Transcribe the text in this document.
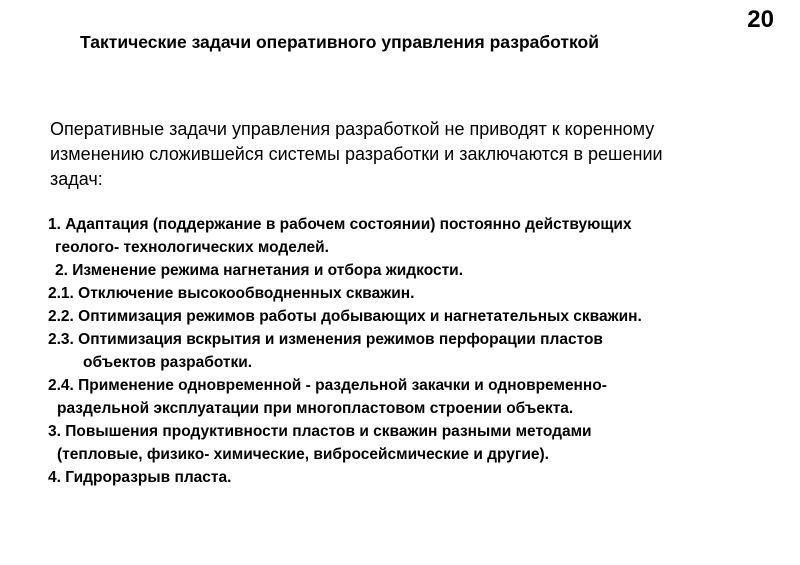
20
Тактические задачи оперативного управления разработкой

Оперативные задачи управления разработкой не приводят к коренному

изменению сложившейся системы разработки и заключаются в решении

задач:

1. Адаптация (поддержание в рабочем состоянии) постоянно действующих
геолого- технологических моделей.
2. Изменение режима нагнетания и отбора жидкости.
2.1. Отключение высокообводненных скважин.
2.2. Оптимизация режимов работы добывающих и нагнетательных скважин.
2.3. Оптимизация вскрытия и изменения режимов перфорации пластов
объектов разработки.
2.4. Применение одновременной - раздельной закачки и одновременно-
раздельной эксплуатации при многопластовом строении объекта.
3. Повышения продуктивности пластов и скважин разными методами
(тепловые, физико- химические, вибросейсмические и другие).
4. Гидроразрыв пласта.
